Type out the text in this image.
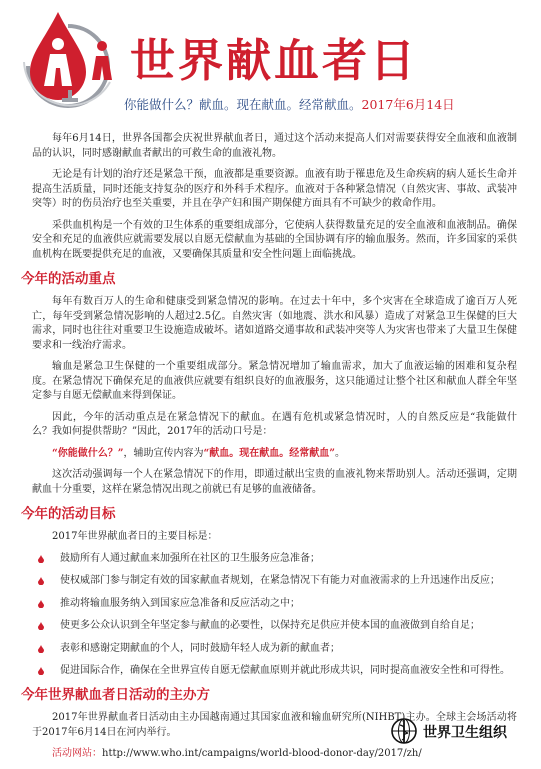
世界献血者日
你能做什么？献血。现在献血。经常献血。2017年6月14日

每年6月14日，世界各国都会庆祝世界献血者日，通过这个活动来提高人们对需要获得安全血液和血液制品的认识，同时感谢献血者献出的可救生命的血液礼物。

无论是有计划的治疗还是紧急干预，血液都是重要资源。血液有助于罹患危及生命疾病的病人延长生命并提高生活质量，同时还能支持复杂的医疗和外科手术程序。血液对于各种紧急情况（自然灾害、事故、武装冲突等）时的伤员治疗也至关重要，并且在孕产妇和围产期保健方面具有不可缺少的救命作用。

采供血机构是一个有效的卫生体系的重要组成部分，它使病人获得数量充足的安全血液和血液制品。确保安全和充足的血液供应就需要发展以自愿无偿献血为基础的全国协调有序的输血服务。然而，许多国家的采供血机构在既要提供充足的血液，又要确保其质量和安全性问题上面临挑战。

今年的活动重点

每年有数百万人的生命和健康受到紧急情况的影响。在过去十年中，多个灾害在全球造成了逾百万人死亡，每年受到紧急情况影响的人超过2.5亿。自然灾害（如地震、洪水和风暴）造成了对紧急卫生保健的巨大需求，同时也往往对重要卫生设施造成破坏。诸如道路交通事故和武装冲突等人为灾害也带来了大量卫生保健要求和一线治疗需求。

输血是紧急卫生保健的一个重要组成部分。紧急情况增加了输血需求，加大了血液运输的困难和复杂程度。在紧急情况下确保充足的血液供应就要有组织良好的血液服务，这只能通过让整个社区和献血人群全年坚定参与自愿无偿献血来得到保证。

因此，今年的活动重点是在紧急情况下的献血。在遇有危机或紧急情况时，人的自然反应是“我能做什么？我如何提供帮助？”因此，2017年的活动口号是：

“你能做什么？”，辅助宣传内容为“献血。现在献血。经常献血”。

这次活动强调每一个人在紧急情况下的作用，即通过献出宝贵的血液礼物来帮助别人。活动还强调，定期献血十分重要，这样在紧急情况出现之前就已有足够的血液储备。

今年的活动目标

2017年世界献血者日的主要目标是：

鼓励所有人通过献血来加强所在社区的卫生服务应急准备；
使权威部门参与制定有效的国家献血者规划，在紧急情况下有能力对血液需求的上升迅速作出反应；
推动将输血服务纳入到国家应急准备和反应活动之中；
使更多公众认识到全年坚定参与献血的必要性，以保持充足供应并使本国的血液做到自给自足；
表彰和感谢定期献血的个人，同时鼓励年轻人成为新的献血者；
促进国际合作，确保在全世界宣传自愿无偿献血原则并就此形成共识，同时提高血液安全性和可得性。
今年世界献血者日活动的主办方

2017年世界献血者日活动由主办国越南通过其国家血液和输血研究所(NIHBT)主办。全球主会场活动将于2017年6月14日在河内举行。

活动网站：http://www.who.int/campaigns/world-blood-donor-day/2017/zh/

世界卫生组织
